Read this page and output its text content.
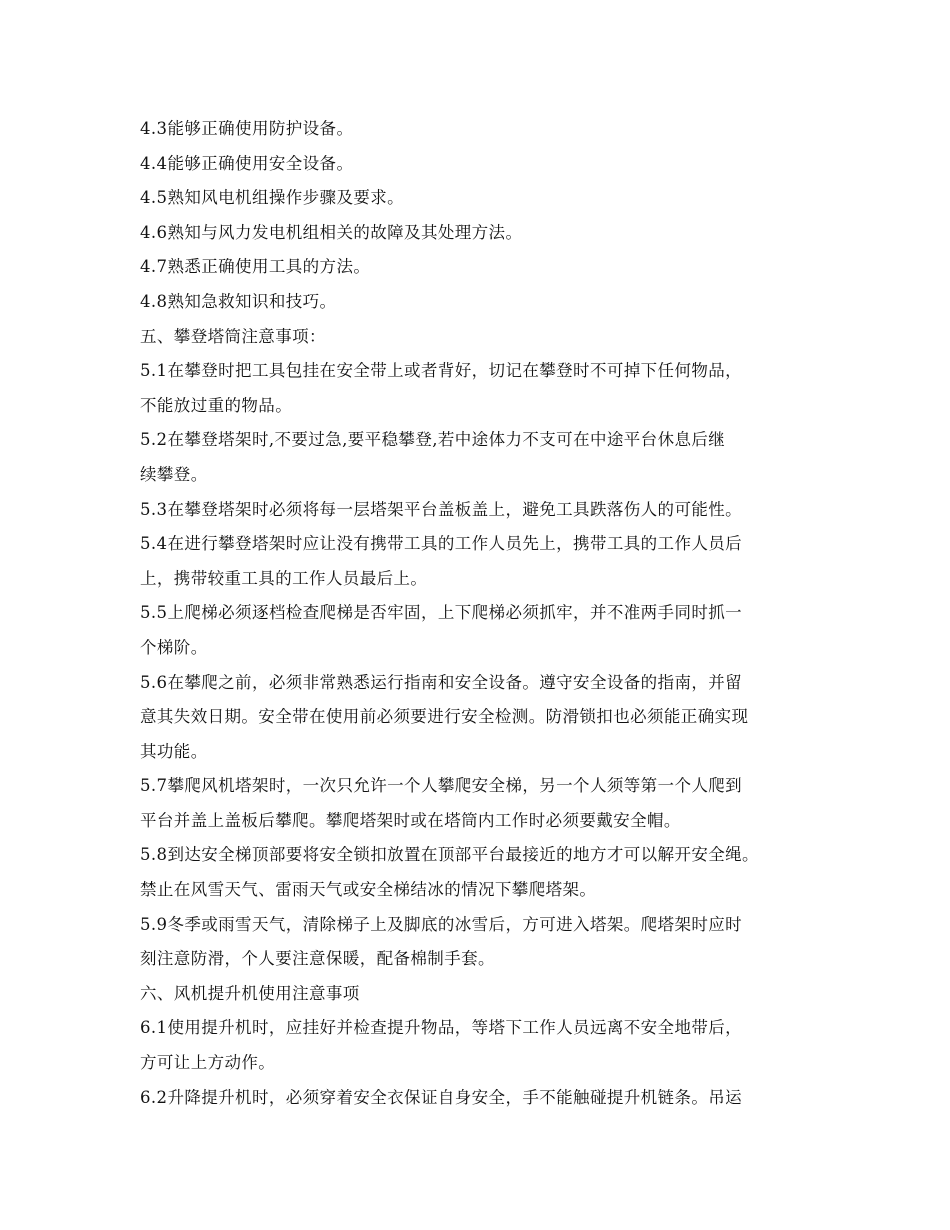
4.3能够正确使用防护设备。
4.4能够正确使用安全设备。
4.5熟知风电机组操作步骤及要求。
4.6熟知与风力发电机组相关的故障及其处理方法。
4.7熟悉正确使用工具的方法。
4.8熟知急救知识和技巧。
五、攀登塔筒注意事项：
5.1在攀登时把工具包挂在安全带上或者背好，切记在攀登时不可掉下任何物品，
不能放过重的物品。
5.2在攀登塔架时,不要过急,要平稳攀登,若中途体力不支可在中途平台休息后继
续攀登。
5.3在攀登塔架时必须将每一层塔架平台盖板盖上，避免工具跌落伤人的可能性。
5.4在进行攀登塔架时应让没有携带工具的工作人员先上，携带工具的工作人员后
上，携带较重工具的工作人员最后上。
5.5上爬梯必须逐档检查爬梯是否牢固，上下爬梯必须抓牢，并不准两手同时抓一
个梯阶。
5.6在攀爬之前，必须非常熟悉运行指南和安全设备。遵守安全设备的指南，并留
意其失效日期。安全带在使用前必须要进行安全检测。防滑锁扣也必须能正确实现
其功能。
5.7攀爬风机塔架时，一次只允许一个人攀爬安全梯，另一个人须等第一个人爬到
平台并盖上盖板后攀爬。攀爬塔架时或在塔筒内工作时必须要戴安全帽。
5.8到达安全梯顶部要将安全锁扣放置在顶部平台最接近的地方才可以解开安全绳。
禁止在风雪天气、雷雨天气或安全梯结冰的情况下攀爬塔架。
5.9冬季或雨雪天气，清除梯子上及脚底的冰雪后，方可进入塔架。爬塔架时应时
刻注意防滑，个人要注意保暖，配备棉制手套。
六、风机提升机使用注意事项
6.1使用提升机时，应挂好并检查提升物品，等塔下工作人员远离不安全地带后，
方可让上方动作。
6.2升降提升机时，必须穿着安全衣保证自身安全，手不能触碰提升机链条。吊运
